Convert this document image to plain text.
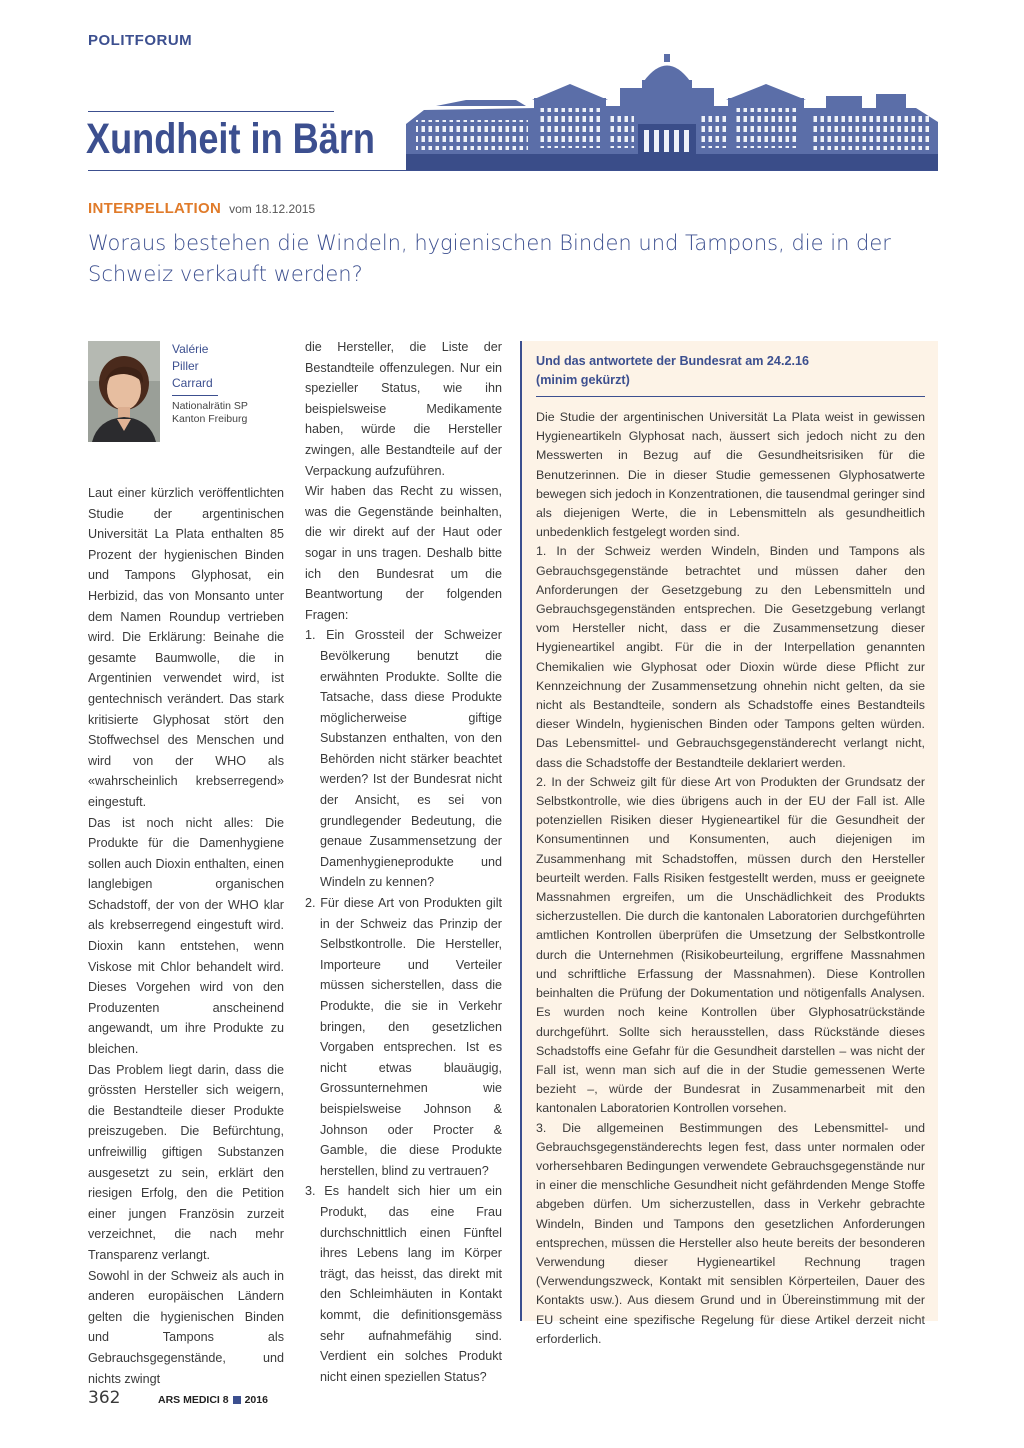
POLITFORUM
Xundheit in Bärn
INTERPELLATION vom 18.12.2015
Woraus bestehen die Windeln, hygienischen Binden und Tampons, die in der Schweiz verkauft werden?
Valérie Piller Carrard
Nationalrätin SP Kanton Freiburg

Laut einer kürzlich veröffentlichten Studie der argentinischen Universität La Plata enthalten 85 Prozent der hygienischen Binden und Tampons Glyphosat, ein Herbizid, das von Monsanto unter dem Namen Roundup vertrieben wird. Die Erklärung: Beinahe die gesamte Baumwolle, die in Argentinien verwendet wird, ist gentechnisch verändert. Das stark kritisierte Glyphosat stört den Stoffwechsel des Menschen und wird von der WHO als «wahrscheinlich krebserregend» eingestuft.

Das ist noch nicht alles: Die Produkte für die Damenhygiene sollen auch Dioxin enthalten, einen langlebigen organischen Schadstoff, der von der WHO klar als krebserregend eingestuft wird. Dioxin kann entstehen, wenn Viskose mit Chlor behandelt wird. Dieses Vorgehen wird von den Produzenten anscheinend angewandt, um ihre Produkte zu bleichen.

Das Problem liegt darin, dass die grössten Hersteller sich weigern, die Bestandteile dieser Produkte preiszugeben. Die Befürchtung, unfreiwillig giftigen Substanzen ausgesetzt zu sein, erklärt den riesigen Erfolg, den die Petition einer jungen Französin zurzeit verzeichnet, die nach mehr Transparenz verlangt.

Sowohl in der Schweiz als auch in anderen europäischen Ländern gelten die hygienischen Binden und Tampons als Gebrauchsgegenstände, und nichts zwingt

die Hersteller, die Liste der Bestandteile offenzulegen. Nur ein spezieller Status, wie ihn beispielsweise Medikamente haben, würde die Hersteller zwingen, alle Bestandteile auf der Verpackung aufzuführen.

Wir haben das Recht zu wissen, was die Gegenstände beinhalten, die wir direkt auf der Haut oder sogar in uns tragen. Deshalb bitte ich den Bundesrat um die Beantwortung der folgenden Fragen:

1. Ein Grossteil der Schweizer Bevölkerung benutzt die erwähnten Produkte. Sollte die Tatsache, dass diese Produkte möglicherweise giftige Substanzen enthalten, von den Behörden nicht stärker beachtet werden? Ist der Bundesrat nicht der Ansicht, es sei von grundlegender Bedeutung, die genaue Zusammensetzung der Damenhygieneprodukte und Windeln zu kennen?

2. Für diese Art von Produkten gilt in der Schweiz das Prinzip der Selbstkontrolle. Die Hersteller, Importeure und Verteiler müssen sicherstellen, dass die Produkte, die sie in Verkehr bringen, den gesetzlichen Vorgaben entsprechen. Ist es nicht etwas blauäugig, Grossunternehmen wie beispielsweise Johnson & Johnson oder Procter & Gamble, die diese Produkte herstellen, blind zu vertrauen?

3. Es handelt sich hier um ein Produkt, das eine Frau durchschnittlich einen Fünftel ihres Lebens lang im Körper trägt, das heisst, das direkt mit den Schleimhäuten in Kontakt kommt, die definitionsgemäss sehr aufnahmefähig sind. Verdient ein solches Produkt nicht einen speziellen Status?

Und das antwortete der Bundesrat am 24.2.16
(minim gekürzt)

Die Studie der argentinischen Universität La Plata weist in gewissen Hygieneartikeln Glyphosat nach, äussert sich jedoch nicht zu den Messwerten in Bezug auf die Gesundheitsrisiken für die Benutzerinnen. Die in dieser Studie gemessenen Glyphosatwerte bewegen sich jedoch in Konzentrationen, die tausendmal geringer sind als diejenigen Werte, die in Lebensmitteln als gesundheitlich unbedenklich festgelegt worden sind.

1. In der Schweiz werden Windeln, Binden und Tampons als Gebrauchsgegenstände betrachtet und müssen daher den Anforderungen der Gesetzgebung zu den Lebensmitteln und Gebrauchsgegenständen entsprechen. Die Gesetzgebung verlangt vom Hersteller nicht, dass er die Zusammensetzung dieser Hygieneartikel angibt. Für die in der Interpellation genannten Chemikalien wie Glyphosat oder Dioxin würde diese Pflicht zur Kennzeichnung der Zusammensetzung ohnehin nicht gelten, da sie nicht als Bestandteile, sondern als Schadstoffe eines Bestandteils dieser Windeln, hygienischen Binden oder Tampons gelten würden. Das Lebensmittel- und Gebrauchsgegenständerecht verlangt nicht, dass die Schadstoffe der Bestandteile deklariert werden.

2. In der Schweiz gilt für diese Art von Produkten der Grundsatz der Selbstkontrolle, wie dies übrigens auch in der EU der Fall ist. Alle potenziellen Risiken dieser Hygieneartikel für die Gesundheit der Konsumentinnen und Konsumenten, auch diejenigen im Zusammenhang mit Schadstoffen, müssen durch den Hersteller beurteilt werden. Falls Risiken festgestellt werden, muss er geeignete Massnahmen ergreifen, um die Unschädlichkeit des Produkts sicherzustellen. Die durch die kantonalen Laboratorien durchgeführten amtlichen Kontrollen überprüfen die Umsetzung der Selbstkontrolle durch die Unternehmen (Risikobeurteilung, ergriffene Massnahmen und schriftliche Erfassung der Massnahmen). Diese Kontrollen beinhalten die Prüfung der Dokumentation und nötigenfalls Analysen. Es wurden noch keine Kontrollen über Glyphosatrückstände durchgeführt. Sollte sich herausstellen, dass Rückstände dieses Schadstoffs eine Gefahr für die Gesundheit darstellen – was nicht der Fall ist, wenn man sich auf die in der Studie gemessenen Werte bezieht –, würde der Bundesrat in Zusammenarbeit mit den kantonalen Laboratorien Kontrollen vorsehen.

3. Die allgemeinen Bestimmungen des Lebensmittel- und Gebrauchsgegenständerechts legen fest, dass unter normalen oder vorhersehbaren Bedingungen verwendete Gebrauchsgegenstände nur in einer die menschliche Gesundheit nicht gefährdenden Menge Stoffe abgeben dürfen. Um sicherzustellen, dass in Verkehr gebrachte Windeln, Binden und Tampons den gesetzlichen Anforderungen entsprechen, müssen die Hersteller also heute bereits der besonderen Verwendung dieser Hygieneartikel Rechnung tragen (Verwendungszweck, Kontakt mit sensiblen Körperteilen, Dauer des Kontakts usw.). Aus diesem Grund und in Übereinstimmung mit der EU scheint eine spezifische Regelung für diese Artikel derzeit nicht erforderlich.

362	ARS MEDICI 8 2016
